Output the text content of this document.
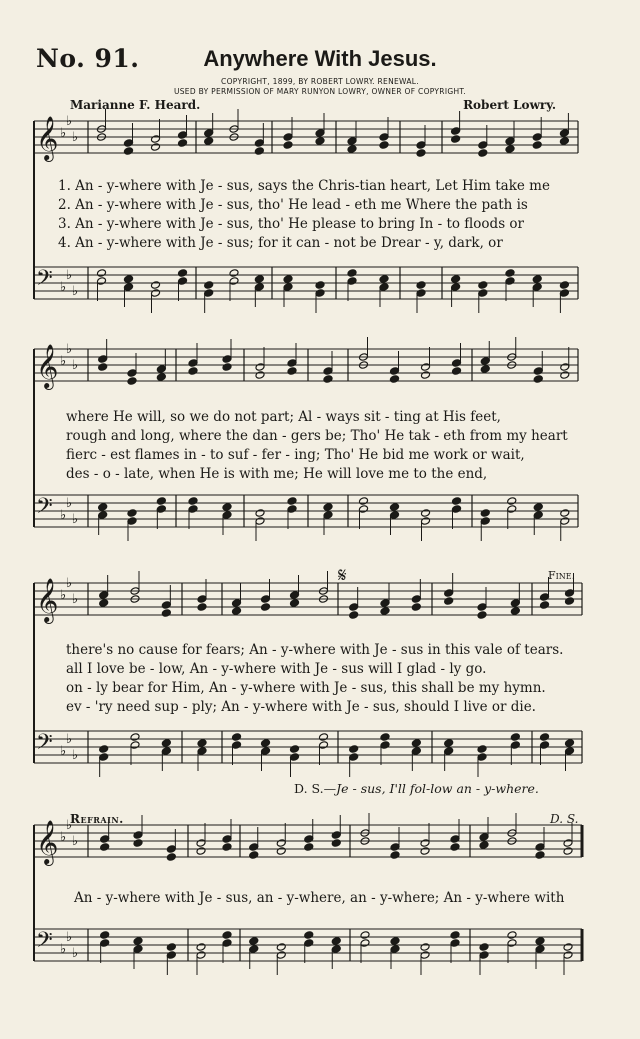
No. 91.	Anywhere With Jesus.
COPYRIGHT, 1899, BY ROBERT LOWRY. RENEWAL.
USED BY PERMISSION OF MARY RUNYON LOWRY, OWNER OF COPYRIGHT.
Marianne F. Heard.	Robert Lowry.
𝄞 ♭
♭
♭
𝄢 ♭
♭
♭
𝄞 ♭
♭
♭
𝄢 ♭
♭
♭
𝄞 ♭
♭
♭
𝄢 ♭
♭
♭
𝄞 ♭
♭
♭
𝄢 ♭
♭
♭
1. An - y-where with Je - sus, says the Chris-tian heart, Let Him take me
2. An - y-where with Je - sus, tho' He lead - eth me Where the path is
3. An - y-where with Je - sus, tho' He please to bring In - to floods or
4. An - y-where with Je - sus; for it can - not be Drear - y, dark, or
where He will, so we do not part; Al - ways sit - ting at His feet,
rough and long, where the dan - gers be; Tho' He tak - eth from my heart
fierc - est flames in - to suf - fer - ing; Tho' He bid me work or wait,
des - o - late, when He is with me; He will love me to the end,
𝄋	Fine.
there's no cause for fears; An - y-where with Je - sus in this vale of tears.
all I love be - low, An - y-where with Je - sus will I glad - ly go.
on - ly bear for Him, An - y-where with Je - sus, this shall be my hymn.
ev - 'ry need sup - ply; An - y-where with Je - sus, should I live or die.
D. S.—Je - sus, I'll fol-low an - y-where.
Refrain.	D. S.
An - y-where with Je - sus, an - y-where, an - y-where; An - y-where with
